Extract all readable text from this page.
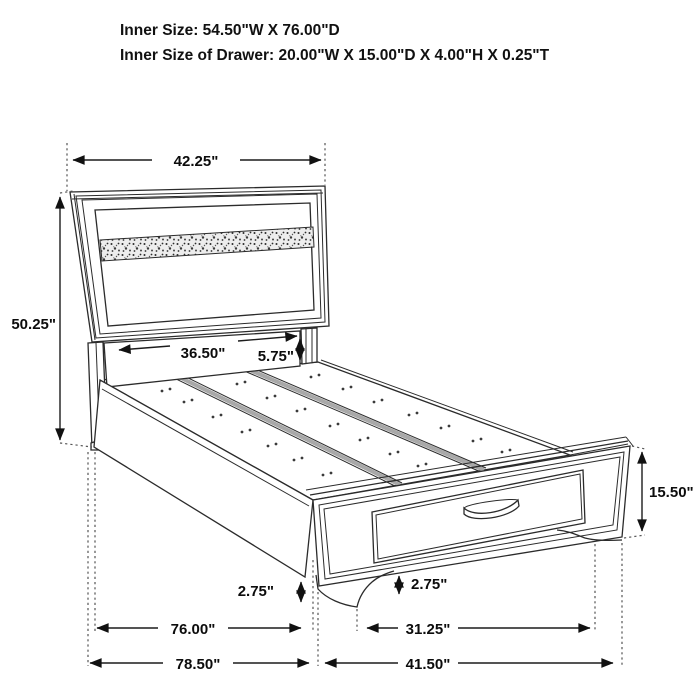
Inner Size: 54.50"W X 76.00"D
Inner Size of Drawer: 20.00"W X 15.00"D X 4.00"H X 0.25"T
42.25"
50.25"
36.50" 5.75"
15.50"
2.75"	2.75"
76.00"	31.25"
78.50"	41.50"
